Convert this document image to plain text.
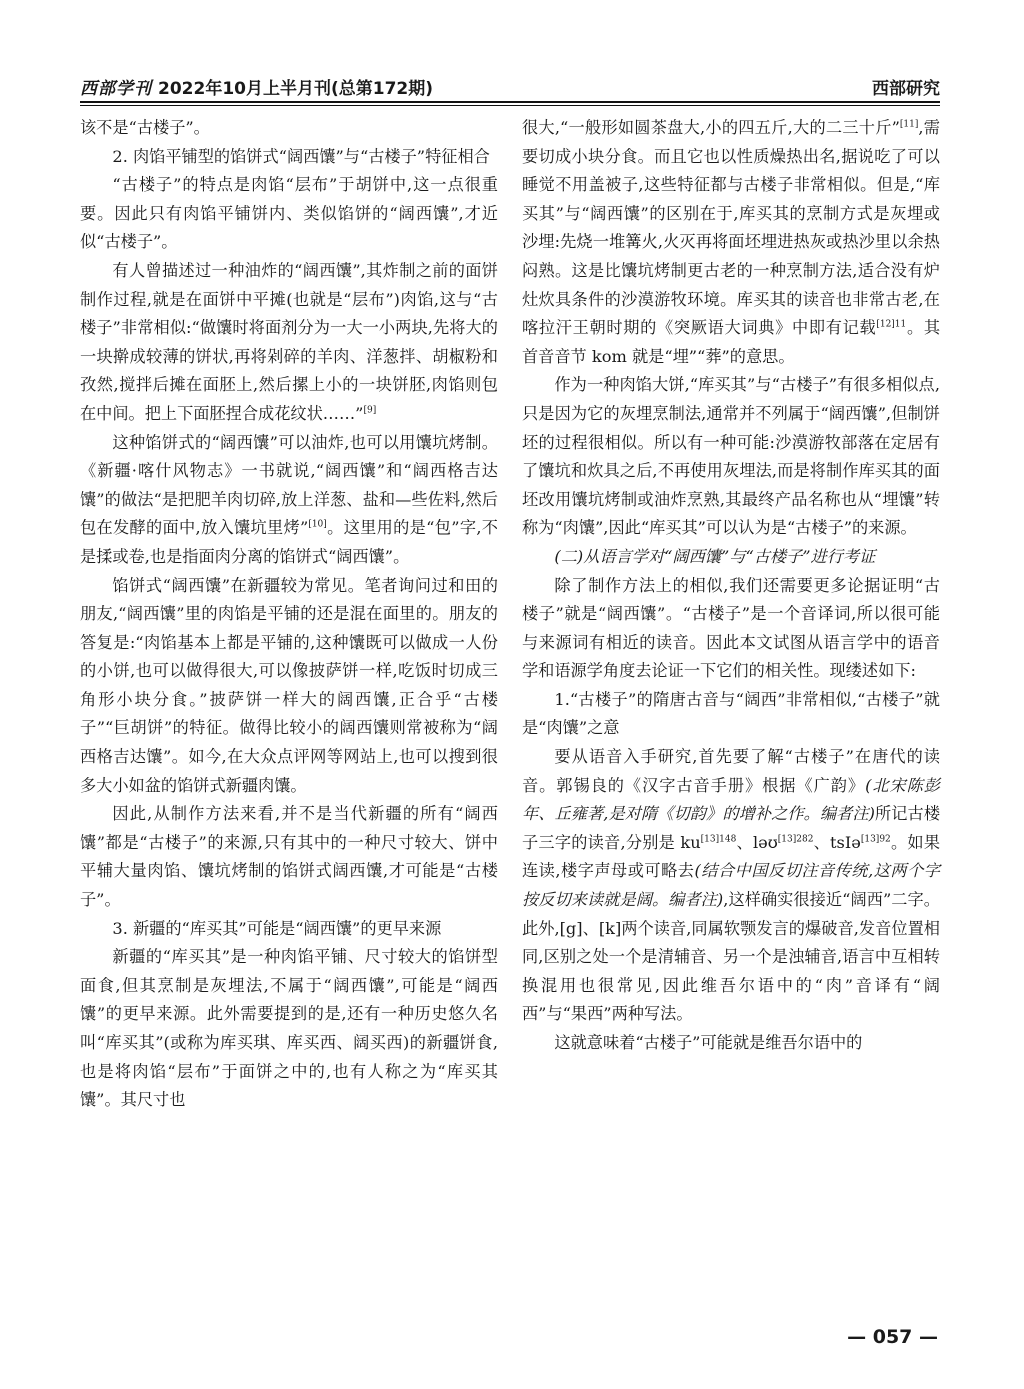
西部学刊 2022年10月上半月刊(总第172期)	西部研究

该不是“古楼子”。

2. 肉馅平铺型的馅饼式“阔西馕”与“古楼子”特征相合

“古楼子”的特点是肉馅“层布”于胡饼中,这一点很重要。因此只有肉馅平铺饼内、类似馅饼的“阔西馕”,才近似“古楼子”。

有人曾描述过一种油炸的“阔西馕”,其炸制之前的面饼制作过程,就是在面饼中平摊(也就是“层布”)肉馅,这与“古楼子”非常相似:“做馕时将面剂分为一大一小两块,先将大的一块擀成较薄的饼状,再将剁碎的羊肉、洋葱拌、胡椒粉和孜然,搅拌后摊在面胚上,然后摞上小的一块饼胚,肉馅则包在中间。把上下面胚捏合成花纹状……”[9]

这种馅饼式的“阔西馕”可以油炸,也可以用馕坑烤制。《新疆·喀什风物志》一书就说,“阔西馕”和“阔西格吉达馕”的做法“是把肥羊肉切碎,放上洋葱、盐和—些佐料,然后包在发酵的面中,放入馕坑里烤”[10]。这里用的是“包”字,不是揉或卷,也是指面肉分离的馅饼式“阔西馕”。

馅饼式“阔西馕”在新疆较为常见。笔者询问过和田的朋友,“阔西馕”里的肉馅是平铺的还是混在面里的。朋友的答复是:“肉馅基本上都是平铺的,这种馕既可以做成一人份的小饼,也可以做得很大,可以像披萨饼一样,吃饭时切成三角形小块分食。”披萨饼一样大的阔西馕,正合乎“古楼子”“巨胡饼”的特征。做得比较小的阔西馕则常被称为“阔西格吉达馕”。如今,在大众点评网等网站上,也可以搜到很多大小如盆的馅饼式新疆肉馕。

因此,从制作方法来看,并不是当代新疆的所有“阔西馕”都是“古楼子”的来源,只有其中的一种尺寸较大、饼中平辅大量肉馅、馕坑烤制的馅饼式阔西馕,才可能是“古楼子”。

3. 新疆的“库买其”可能是“阔西馕”的更早来源

新疆的“库买其”是一种肉馅平铺、尺寸较大的馅饼型面食,但其烹制是灰埋法,不属于“阔西馕”,可能是“阔西馕”的更早来源。此外需要提到的是,还有一种历史悠久名叫“库买其”(或称为库买琪、库买西、阔买西)的新疆饼食,也是将肉馅“层布”于面饼之中的,也有人称之为“库买其馕”。其尺寸也

很大,“一般形如圆茶盘大,小的四五斤,大的二三十斤”[11],需要切成小块分食。而且它也以性质燥热出名,据说吃了可以睡觉不用盖被子,这些特征都与古楼子非常相似。但是,“库买其”与“阔西馕”的区别在于,库买其的烹制方式是灰埋或沙埋:先烧一堆篝火,火灭再将面坯埋进热灰或热沙里以余热闷熟。这是比馕坑烤制更古老的一种烹制方法,适合没有炉灶炊具条件的沙漠游牧环境。库买其的读音也非常古老,在喀拉汗王朝时期的《突厥语大词典》中即有记载$^{[12]11}$。其首音音节 kom 就是“埋”“葬”的意思。

作为一种肉馅大饼,“库买其”与“古楼子”有很多相似点,只是因为它的灰埋烹制法,通常并不列属于“阔西馕”,但制饼坯的过程很相似。所以有一种可能:沙漠游牧部落在定居有了馕坑和炊具之后,不再使用灰埋法,而是将制作库买其的面坯改用馕坑烤制或油炸烹熟,其最终产品名称也从“埋馕”转称为“肉馕”,因此“库买其”可以认为是“古楼子”的来源。

(二)从语言学对“阔西馕”与“古楼子”进行考证

除了制作方法上的相似,我们还需要更多论据证明“古楼子”就是“阔西馕”。“古楼子”是一个音译词,所以很可能与来源词有相近的读音。因此本文试图从语言学中的语音学和语源学角度去论证一下它们的相关性。现缕述如下:

1.“古楼子”的隋唐古音与“阔西”非常相似,“古楼子”就是“肉馕”之意

要从语音入手研究,首先要了解“古楼子”在唐代的读音。郭锡良的《汉字古音手册》根据《广韵》(北宋陈彭年、丘雍著,是对隋《切韵》的增补之作。编者注)所记古楼子三字的读音,分别是 $ku^{[13]148}$、ləʊ$^{[13]282}$、tsIə$^{[13]92}$。如果连读,楼字声母或可略去(结合中国反切注音传统,这两个字按反切来读就是阔。编者注),这样确实很接近“阔西”二字。此外,[g]、[k]两个读音,同属软颚发言的爆破音,发音位置相同,区别之处一个是清辅音、另一个是浊辅音,语言中互相转换混用也很常见,因此维吾尔语中的“肉”音译有“阔西”与“果西”两种写法。

这就意味着“古楼子”可能就是维吾尔语中的

— 057 —
